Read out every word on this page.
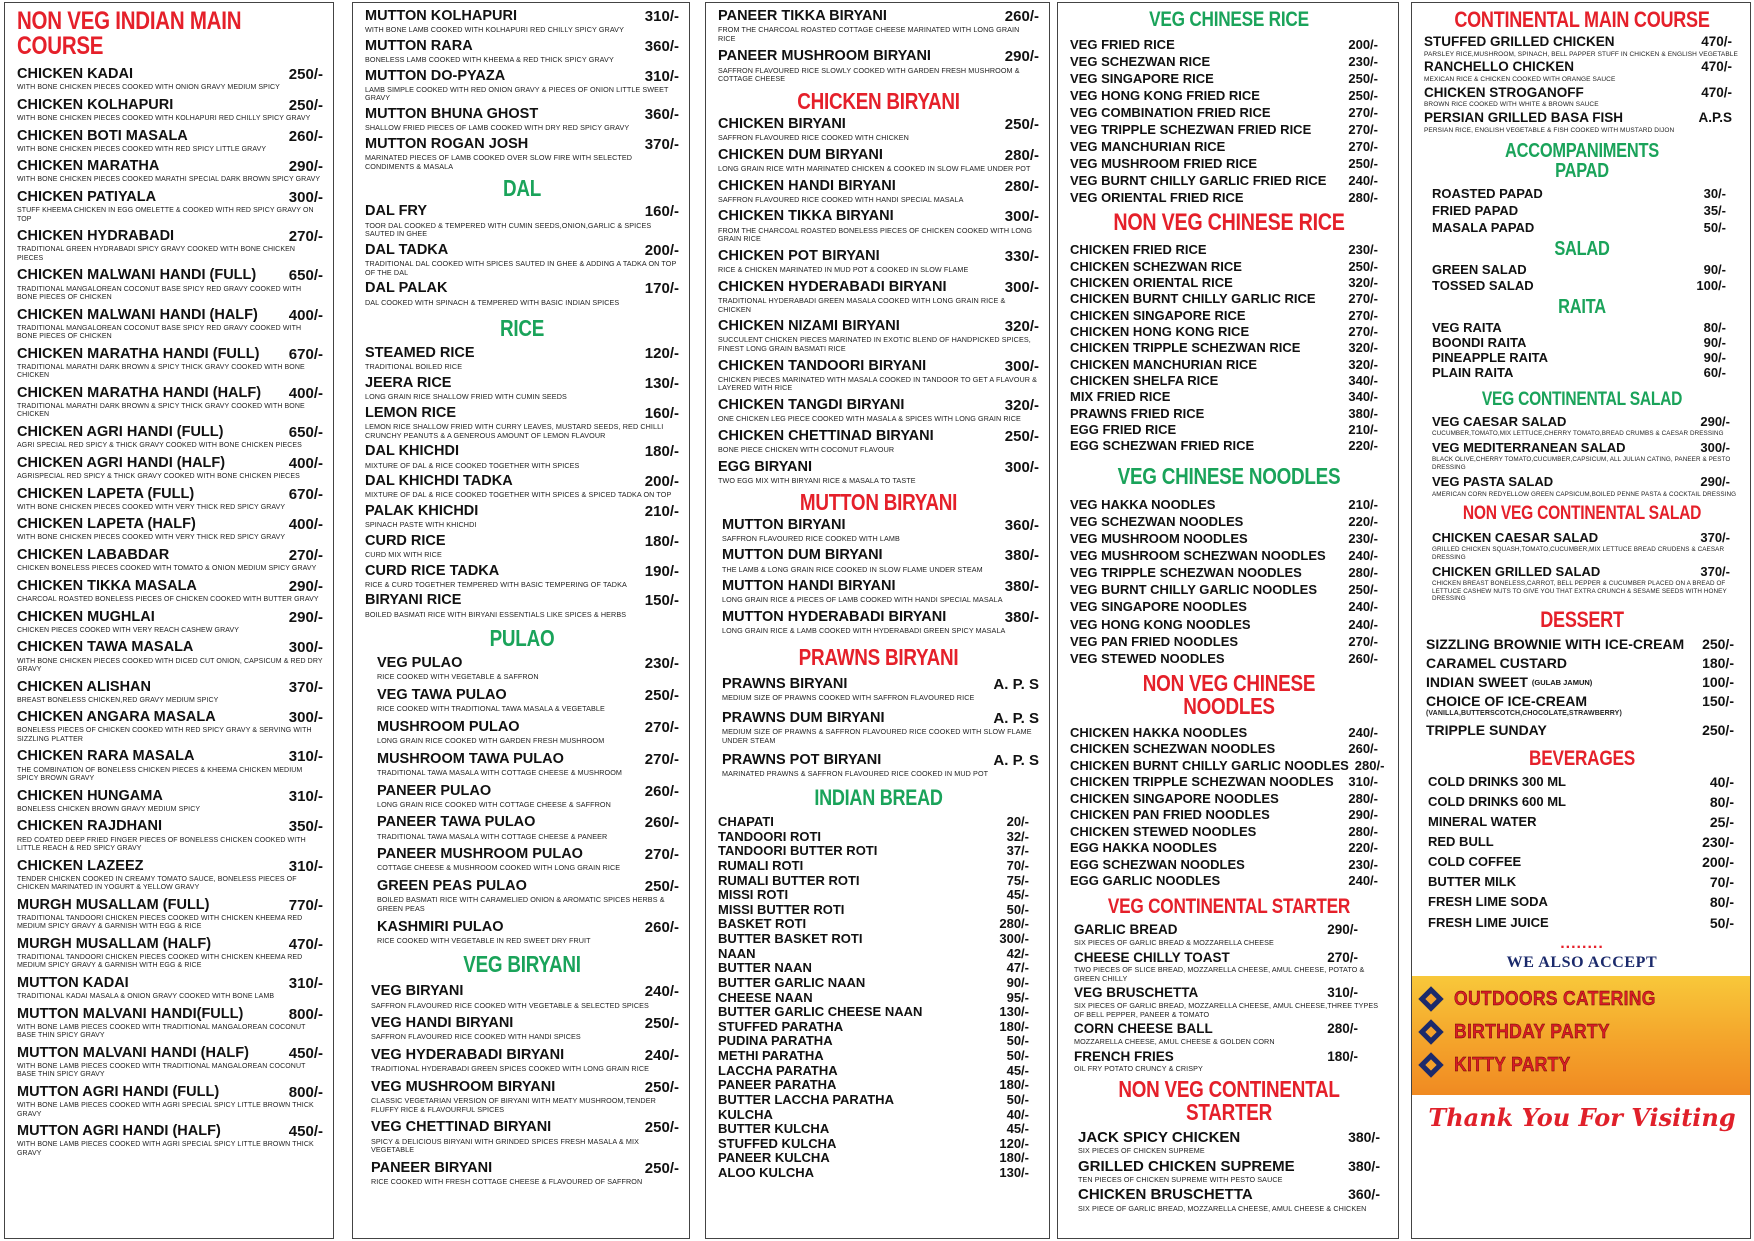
NON VEG INDIAN MAIN COURSE
CHICKEN KADAI	250/-
WITH BONE CHICKEN PIECES COOKED WITH ONION GRAVY MEDIUM SPICY
CHICKEN KOLHAPURI	250/-
WITH BONE CHICKEN PIECES COOKED WITH KOLHAPURI RED CHILLY SPICY GRAVY
CHICKEN BOTI MASALA	260/-
WITH BONE CHICKEN PIECES COOKED WITH RED SPICY LITTLE GRAVY
CHICKEN MARATHA	290/-
WITH BONE CHICKEN PIECES COOKED MARATHI SPECIAL DARK BROWN SPICY GRAVY
CHICKEN PATIYALA	300/-
STUFF KHEEMA CHICKEN IN EGG OMELETTE & COOKED WITH RED SPICY GRAVY ON TOP
CHICKEN HYDRABADI	270/-
TRADITIONAL GREEN HYDRABADI SPICY GRAVY COOKED WITH BONE CHICKEN PIECES
CHICKEN MALWANI HANDI (FULL) 650/-
TRADITIONAL MANGALOREAN COCONUT BASE SPICY RED GRAVY COOKED WITH BONE PIECES OF CHICKEN
CHICKEN MALWANI HANDI (HALF) 400/-
TRADITIONAL MANGALOREAN COCONUT BASE SPICY RED GRAVY COOKED WITH BONE PIECES OF CHICKEN
CHICKEN MARATHA HANDI (FULL) 670/-
TRADITIONAL MARATHI DARK BROWN & SPICY THICK GRAVY COOKED WITH BONE CHICKEN
CHICKEN MARATHA HANDI (HALF) 400/-
TRADITIONAL MARATHI DARK BROWN & SPICY THICK GRAVY COOKED WITH BONE CHICKEN
CHICKEN AGRI HANDI (FULL)	650/-
AGRI SPECIAL RED SPICY & THICK GRAVY COOKED WITH BONE CHICKEN PIECES
CHICKEN AGRI HANDI (HALF)	400/-
AGRISPECIAL RED SPICY & THICK GRAVY COOKED WITH BONE CHICKEN PIECES
CHICKEN LAPETA (FULL)	670/-
WITH BONE CHICKEN PIECES COOKED WITH VERY THICK RED SPICY GRAVY
CHICKEN LAPETA (HALF)	400/-
WITH BONE CHICKEN PIECES COOKED WITH VERY THICK RED SPICY GRAVY
CHICKEN LABABDAR	270/-
CHICKEN BONELESS PIECES COOKED WITH TOMATO & ONION MEDIUM SPICY GRAVY
CHICKEN TIKKA MASALA	290/-
CHARCOAL ROASTED BONELESS PIECES OF CHICKEN COOKED WITH BUTTER GRAVY
CHICKEN MUGHLAI	290/-
CHICKEN PIECES COOKED WITH VERY REACH CASHEW GRAVY
CHICKEN TAWA MASALA	300/-
WITH BONE CHICKEN PIECES COOKED WITH DICED CUT ONION, CAPSICUM & RED DRY GRAVY
CHICKEN ALISHAN	370/-
BREAST BONELESS CHICKEN,RED GRAVY MEDIUM SPICY
CHICKEN ANGARA MASALA	300/-
BONELESS PIECES OF CHICKEN COOKED WITH RED SPICY GRAVY & SERVING WITH SIZZLING PLATTER
CHICKEN RARA MASALA	310/-
THE COMBINATION OF BONELESS CHICKEN PIECES & KHEEMA CHICKEN MEDIUM SPICY BROWN GRAVY
CHICKEN HUNGAMA	310/-
BONELESS CHICKEN BROWN GRAVY MEDIUM SPICY
CHICKEN RAJDHANI	350/-
RED COATED DEEP FRIED FINGER PIECES OF BONELESS CHICKEN COOKED WITH LITTLE REACH & RED SPICY GRAVY
CHICKEN LAZEEZ	310/-
TENDER CHICKEN COOKED IN CREAMY TOMATO SAUCE, BONELESS PIECES OF CHICKEN MARINATED IN YOGURT & YELLOW GRAVY
MURGH MUSALLAM (FULL)	770/-
TRADITIONAL TANDOORI CHICKEN PIECES COOKED WITH CHICKEN KHEEMA RED MEDIUM SPICY GRAVY & GARNISH WITH EGG & RICE
MURGH MUSALLAM (HALF)	470/-
TRADITIONAL TANDOORI CHICKEN PIECES COOKED WITH CHICKEN KHEEMA RED MEDIUM SPICY GRAVY & GARNISH WITH EGG & RICE
MUTTON KADAI	310/-
TRADITIONAL KADAI MASALA & ONION GRAVY COOKED WITH BONE LAMB
MUTTON MALVANI HANDI(FULL)	800/-
WITH BONE LAMB PIECES COOKED WITH TRADITIONAL MANGALOREAN COCONUT BASE THIN SPICY GRAVY
MUTTON MALVANI HANDI (HALF)	450/-
WITH BONE LAMB PIECES COOKED WITH TRADITIONAL MANGALOREAN COCONUT BASE THIN SPICY GRAVY
MUTTON AGRI HANDI (FULL)	800/-
WITH BONE LAMB PIECES COOKED WITH AGRI SPECIAL SPICY LITTLE BROWN THICK GRAVY
MUTTON AGRI HANDI (HALF)	450/-
WITH BONE LAMB PIECES COOKED WITH AGRI SPECIAL SPICY LITTLE BROWN THICK GRAVY
MUTTON KOLHAPURI	310/-
WITH BONE LAMB COOKED WITH KOLHAPURI RED CHILLY SPICY GRAVY
MUTTON RARA	360/-
BONELESS LAMB COOKED WITH KHEEMA & RED THICK SPICY GRAVY
MUTTON DO-PYAZA	310/-
LAMB SIMPLE COOKED WITH RED ONION GRAVY & PIECES OF ONION LITTLE SWEET GRAVY
MUTTON BHUNA GHOST	360/-
SHALLOW FRIED PIECES OF LAMB COOKED WITH DRY RED SPICY GRAVY
MUTTON ROGAN JOSH	370/-
MARINATED PIECES OF LAMB COOKED OVER SLOW FIRE WITH SELECTED CONDIMENTS & MASALA
DAL
DAL FRY	160/-
TOOR DAL COOKED & TEMPERED WITH CUMIN SEEDS,ONION,GARLIC & SPICES SAUTED IN GHEE
DAL TADKA	200/-
TRADITIONAL DAL COOKED WITH SPICES SAUTED IN GHEE & ADDING A TADKA ON TOP OF THE DAL
DAL PALAK	170/-
DAL COOKED WITH SPINACH & TEMPERED WITH BASIC INDIAN SPICES
RICE
STEAMED RICE	120/-
TRADITIONAL BOILED RICE
JEERA RICE	130/-
LONG GRAIN RICE SHALLOW FRIED WITH CUMIN SEEDS
LEMON RICE	160/-
LEMON RICE SHALLOW FRIED WITH CURRY LEAVES, MUSTARD SEEDS, RED CHILLI CRUNCHY PEANUTS & A GENEROUS AMOUNT OF LEMON FLAVOUR
DAL KHICHDI	180/-
MIXTURE OF DAL & RICE COOKED TOGETHER WITH SPICES
DAL KHICHDI TADKA	200/-
MIXTURE OF DAL & RICE COOKED TOGETHER WITH SPICES & SPICED TADKA ON TOP
PALAK KHICHDI	210/-
SPINACH PASTE WITH KHICHDI
CURD RICE	180/-
CURD MIX WITH RICE
CURD RICE TADKA	190/-
RICE & CURD TOGETHER TEMPERED WITH BASIC TEMPERING OF TADKA
BIRYANI RICE	150/-
BOILED BASMATI RICE WITH BIRYANI ESSENTIALS LIKE SPICES & HERBS
PULAO
VEG PULAO	230/-
RICE COOKED WITH VEGETABLE & SAFFRON
VEG TAWA PULAO	250/-
RICE COOKED WITH TRADITIONAL TAWA MASALA & VEGETABLE
MUSHROOM PULAO	270/-
LONG GRAIN RICE COOKED WITH GARDEN FRESH MUSHROOM
MUSHROOM TAWA PULAO	270/-
TRADITIONAL TAWA MASALA WITH COTTAGE CHEESE & MUSHROOM
PANEER PULAO	260/-
LONG GRAIN RICE COOKED WITH COTTAGE CHEESE & SAFFRON
PANEER TAWA PULAO	260/-
TRADITIONAL TAWA MASALA WITH COTTAGE CHEESE & PANEER
PANEER MUSHROOM PULAO	270/-
COTTAGE CHEESE & MUSHROOM COOKED WITH LONG GRAIN RICE
GREEN PEAS PULAO	250/-
BOILED BASMATI RICE WITH CARAMELIED ONION & AROMATIC SPICES HERBS & GREEN PEAS
KASHMIRI PULAO	260/-
RICE COOKED WITH VEGETABLE IN RED SWEET DRY FRUIT
VEG BIRYANI
VEG BIRYANI	240/-
SAFFRON FLAVOURED RICE COOKED WITH VEGETABLE & SELECTED SPICES
VEG HANDI BIRYANI	250/-
SAFFRON FLAVOURED RICE COOKED WITH HANDI SPICES
VEG HYDERABADI BIRYANI	240/-
TRADITIONAL HYDERABADI GREEN SPICES COOKED WITH LONG GRAIN RICE
VEG MUSHROOM BIRYANI	250/-
CLASSIC VEGETARIAN VERSION OF BIRYANI WITH MEATY MUSHROOM,TENDER FLUFFY RICE & FLAVOURFUL SPICES
VEG CHETTINAD BIRYANI	250/-
SPICY & DELICIOUS BIRYANI WITH GRINDED SPICES FRESH MASALA & MIX VEGETABLE
PANEER BIRYANI	250/-
RICE COOKED WITH FRESH COTTAGE CHEESE & FLAVOURED OF SAFFRON
PANEER TIKKA BIRYANI	260/-
FROM THE CHARCOAL ROASTED COTTAGE CHEESE MARINATED WITH LONG GRAIN RICE
PANEER MUSHROOM BIRYANI	290/-
SAFFRON FLAVOURED RICE SLOWLY COOKED WITH GARDEN FRESH MUSHROOM & COTTAGE CHEESE
CHICKEN BIRYANI
CHICKEN BIRYANI	250/-
SAFFRON FLAVOURED RICE COOKED WITH CHICKEN
CHICKEN DUM BIRYANI	280/-
LONG GRAIN RICE WITH MARINATED CHICKEN & COOKED IN SLOW FLAME UNDER POT
CHICKEN HANDI BIRYANI	280/-
SAFFRON FLAVOURED RICE COOKED WITH HANDI SPECIAL MASALA
CHICKEN TIKKA BIRYANI	300/-
FROM THE CHARCOAL ROASTED BONELESS PIECES OF CHICKEN COOKED WITH LONG GRAIN RICE
CHICKEN POT BIRYANI	330/-
RICE & CHICKEN MARINATED IN MUD POT & COOKED IN SLOW FLAME
CHICKEN HYDERABADI BIRYANI	300/-
TRADITIONAL HYDERABADI GREEN MASALA COOKED WITH LONG GRAIN RICE & CHICKEN
CHICKEN NIZAMI BIRYANI	320/-
SUCCULENT CHICKEN PIECES MARINATED IN EXOTIC BLEND OF HANDPICKED SPICES, FINEST LONG GRAIN BASMATI RICE
CHICKEN TANDOORI BIRYANI	300/-
CHICKEN PIECES MARINATED WITH MASALA COOKED IN TANDOOR TO GET A FLAVOUR & LAYERED WITH RICE
CHICKEN TANGDI BIRYANI	320/-
ONE CHICKEN LEG PIECE COOKED WITH MASALA & SPICES WITH LONG GRAIN RICE
CHICKEN CHETTINAD BIRYANI	250/-
BONE PIECE CHICKEN WITH COCONUT FLAVOUR
EGG BIRYANI	300/-
TWO EGG MIX WITH BIRYANI RICE & MASALA TO TASTE
MUTTON BIRYANI
MUTTON BIRYANI	360/-
SAFFRON FLAVOURED RICE COOKED WITH LAMB
MUTTON DUM BIRYANI	380/-
THE LAMB & LONG GRAIN RICE COOKED IN SLOW FLAME UNDER STEAM
MUTTON HANDI BIRYANI	380/-
LONG GRAIN RICE & PIECES OF LAMB COOKED WITH HANDI SPECIAL MASALA
MUTTON HYDERABADI BIRYANI	380/-
LONG GRAIN RICE & LAMB COOKED WITH HYDERABADI GREEN SPICY MASALA
PRAWNS BIRYANI
PRAWNS BIRYANI	A. P. S
MEDIUM SIZE OF PRAWNS COOKED WITH SAFFRON FLAVOURED RICE
PRAWNS DUM BIRYANI	A. P. S
MEDIUM SIZE OF PRAWNS & SAFFRON FLAVOURED RICE COOKED WITH SLOW FLAME UNDER STEAM
PRAWNS POT BIRYANI	A. P. S
MARINATED PRAWNS & SAFFRON FLAVOURED RICE COOKED IN MUD POT
INDIAN BREAD
CHAPATI	20/-
TANDOORI ROTI	32/-
TANDOORI BUTTER ROTI	37/-
RUMALI ROTI	70/-
RUMALI BUTTER ROTI	75/-
MISSI ROTI	45/-
MISSI BUTTER ROTI	50/-
BASKET ROTI	280/-
BUTTER BASKET ROTI	300/-
NAAN	42/-
BUTTER NAAN	47/-
BUTTER GARLIC NAAN	90/-
CHEESE NAAN	95/-
BUTTER GARLIC CHEESE NAAN	130/-
STUFFED PARATHA	180/-
PUDINA PARATHA	50/-
METHI PARATHA	50/-
LACCHA PARATHA	45/-
PANEER PARATHA	180/-
BUTTER LACCHA PARATHA	50/-
KULCHA	40/-
BUTTER KULCHA	45/-
STUFFED KULCHA	120/-
PANEER KULCHA	180/-
ALOO KULCHA	130/-
VEG CHINESE RICE
VEG FRIED RICE	200/-
VEG SCHEZWAN RICE	230/-
VEG SINGAPORE RICE	250/-
VEG HONG KONG FRIED RICE	250/-
VEG COMBINATION FRIED RICE	270/-
VEG TRIPPLE SCHEZWAN FRIED RICE	270/-
VEG MANCHURIAN RICE	270/-
VEG MUSHROOM FRIED RICE	250/-
VEG BURNT CHILLY GARLIC FRIED RICE 240/-
VEG ORIENTAL FRIED RICE	280/-
NON VEG CHINESE RICE
CHICKEN FRIED RICE	230/-
CHICKEN SCHEZWAN RICE	250/-
CHICKEN ORIENTAL RICE	320/-
CHICKEN BURNT CHILLY GARLIC RICE	270/-
CHICKEN SINGAPORE RICE	270/-
CHICKEN HONG KONG RICE	270/-
CHICKEN TRIPPLE SCHEZWAN RICE	320/-
CHICKEN MANCHURIAN RICE	320/-
CHICKEN SHELFA RICE	340/-
MIX FRIED RICE	340/-
PRAWNS FRIED RICE	380/-
EGG FRIED RICE	210/-
EGG SCHEZWAN FRIED RICE	220/-
VEG CHINESE NOODLES
VEG HAKKA NOODLES	210/-
VEG SCHEZWAN NOODLES	220/-
VEG MUSHROOM NOODLES	230/-
VEG MUSHROOM SCHEZWAN NOODLES 240/-
VEG TRIPPLE SCHEZWAN NOODLES	280/-
VEG BURNT CHILLY GARLIC NOODLES 250/-
VEG SINGAPORE NOODLES	240/-
VEG HONG KONG NOODLES	240/-
VEG PAN FRIED NOODLES	270/-
VEG STEWED NOODLES	260/-
NON VEG CHINESE NOODLES
CHICKEN HAKKA NOODLES	240/-
CHICKEN SCHEZWAN NOODLES	260/-
CHICKEN BURNT CHILLY GARLIC NOODLES 280/-
CHICKEN TRIPPLE SCHEZWAN NOODLES 310/-
CHICKEN SINGAPORE NOODLES	280/-
CHICKEN PAN FRIED NOODLES	290/-
CHICKEN STEWED NOODLES	280/-
EGG HAKKA NOODLES	220/-
EGG SCHEZWAN NOODLES	230/-
EGG GARLIC NOODLES	240/-
VEG CONTINENTAL STARTER
GARLIC BREAD	290/-
SIX PIECES OF GARLIC BREAD & MOZZARELLA CHEESE
CHEESE CHILLY TOAST	270/-
TWO PIECES OF SLICE BREAD, MOZZARELLA CHEESE, AMUL CHEESE, POTATO & GREEN CHILLY
VEG BRUSCHETTA	310/-
SIX PIECES OF GARLIC BREAD, MOZZARELLA CHEESE, AMUL CHEESE,THREE TYPES OF BELL PEPPER, PANEER & TOMATO
CORN CHEESE BALL	280/-
MOZZARELLA CHEESE, AMUL CHEESE & GOLDEN CORN
FRENCH FRIES	180/-
OIL FRY POTATO CRUNCY & CRISPY
NON VEG CONTINENTAL STARTER
JACK SPICY CHICKEN	380/-
SIX PIECES OF CHICKEN SUPREME
GRILLED CHICKEN SUPREME	380/-
TEN PIECES OF CHICKEN SUPREME WITH PESTO SAUCE
CHICKEN BRUSCHETTA	360/-
SIX PIECE OF GARLIC BREAD, MOZZARELLA CHEESE, AMUL CHEESE & CHICKEN
CONTINENTAL MAIN COURSE
STUFFED GRILLED CHICKEN	470/-
PARSLEY RICE,MUSHROOM, SPINACH, BELL PAPPER STUFF IN CHICKEN & ENGLISH VEGETABLE
RANCHELLO CHICKEN	470/-
MEXICAN RICE & CHICKEN COOKED WITH ORANGE SAUCE
CHICKEN STROGANOFF	470/-
BROWN RICE COOKED WITH WHITE & BROWN SAUCE
PERSIAN GRILLED BASA FISH	A.P.S
PERSIAN RICE, ENGLISH VEGETABLE & FISH COOKED WITH MUSTARD DIJON
ACCOMPANIMENTS
PAPAD
ROASTED PAPAD	30/-
FRIED PAPAD	35/-
MASALA PAPAD	50/-
SALAD
GREEN SALAD	90/-
TOSSED SALAD	100/-
RAITA
VEG RAITA	80/-
BOONDI RAITA	90/-
PINEAPPLE RAITA	90/-
PLAIN RAITA	60/-
VEG CONTINENTAL SALAD
VEG CAESAR SALAD	290/-
CUCUMBER,TOMATO,MIX LETTUCE,CHERRY TOMATO,BREAD CRUMBS & CAESAR DRESSING
VEG MEDITERRANEAN SALAD	300/-
BLACK OLIVE,CHERRY TOMATO,CUCUMBER,CAPSICUM, ALL JULIAN CATING, PANEER & PESTO DRESSING
VEG PASTA SALAD	290/-
AMERICAN CORN REDYELLOW GREEN CAPSICUM,BOILED PENNE PASTA & COCKTAIL DRESSING
NON VEG CONTINENTAL SALAD
CHICKEN CAESAR SALAD	370/-
GRILLED CHICKEN SQUASH,TOMATO,CUCUMBER,MIX LETTUCE BREAD CRUDENS & CAESAR DRESSING
CHICKEN GRILLED SALAD	370/-
CHICKEN BREAST BONELESS,CARROT, BELL PEPPER & CUCUMBER PLACED ON A BREAD OF LETTUCE CASHEW NUTS TO GIVE YOU THAT EXTRA CRUNCH & SESAME SEEDS WITH HONEY DRESSING
DESSERT
SIZZLING BROWNIE WITH ICE-CREAM 250/-
CARAMEL CUSTARD	180/-
INDIAN SWEET (GULAB JAMUN)	100/-
CHOICE OF ICE-CREAM	150/-
(VANILLA,BUTTERSCOTCH,CHOCOLATE,STRAWBERRY)
TRIPPLE SUNDAY	250/-
BEVERAGES
COLD DRINKS 300 ML	40/-
COLD DRINKS 600 ML	80/-
MINERAL WATER	25/-
RED BULL	230/-
COLD COFFEE	200/-
BUTTER MILK	70/-
FRESH LIME SODA	80/-
FRESH LIME JUICE	50/-
........
WE ALSO ACCEPT
OUTDOORS CATERING
BIRTHDAY PARTY
KITTY PARTY
Thank You For Visiting
